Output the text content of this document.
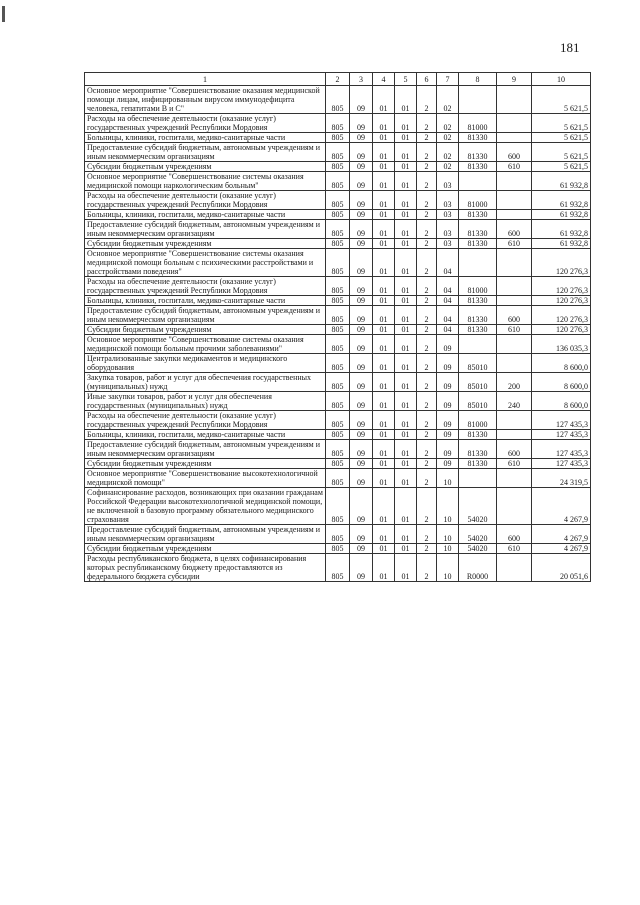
181
1	2	3	4	5	6	7	8	9	10
Основное мероприятие "Совершенствование оказания медицинской помощи лицам, инфицированным вирусом иммунодефицита человека, гепатитами В и С"	805	09	01	01	2	02			5 621,5
Расходы на обеспечение деятельности (оказание услуг) государственных учреждений Республики Мордовия	805	09	01	01	2	02	81000		5 621,5
Больницы, клиники, госпитали, медико-санитарные части	805	09	01	01	2	02	81330		5 621,5
Предоставление субсидий бюджетным, автономным учреждениям и иным некоммерческим организациям	805	09	01	01	2	02	81330	600	5 621,5
Субсидии бюджетным учреждениям	805	09	01	01	2	02	81330	610	5 621,5
Основное мероприятие "Совершенствование системы оказания медицинской помощи наркологическим больным"	805	09	01	01	2	03			61 932,8
Расходы на обеспечение деятельности (оказание услуг) государственных учреждений Республики Мордовия	805	09	01	01	2	03	81000		61 932,8
Больницы, клиники, госпитали, медико-санитарные части	805	09	01	01	2	03	81330		61 932,8
Предоставление субсидий бюджетным, автономным учреждениям и иным некоммерческим организациям	805	09	01	01	2	03	81330	600	61 932,8
Субсидии бюджетным учреждениям	805	09	01	01	2	03	81330	610	61 932,8
Основное мероприятие "Совершенствование системы оказания медицинской помощи больным с психическими расстройствами и расстройствами поведения"	805	09	01	01	2	04			120 276,3
Расходы на обеспечение деятельности (оказание услуг) государственных учреждений Республики Мордовия	805	09	01	01	2	04	81000		120 276,3
Больницы, клиники, госпитали, медико-санитарные части	805	09	01	01	2	04	81330		120 276,3
Предоставление субсидий бюджетным, автономным учреждениям и иным некоммерческим организациям	805	09	01	01	2	04	81330	600	120 276,3
Субсидии бюджетным учреждениям	805	09	01	01	2	04	81330	610	120 276,3
Основное мероприятие "Совершенствование системы оказания медицинской помощи больным прочими заболеваниями"	805	09	01	01	2	09			136 035,3
Централизованные закупки медикаментов и медицинского оборудования	805	09	01	01	2	09	85010		8 600,0
Закупка товаров, работ и услуг для обеспечения государственных (муниципальных) нужд	805	09	01	01	2	09	85010	200	8 600,0
Иные закупки товаров, работ и услуг для обеспечения государственных (муниципальных) нужд	805	09	01	01	2	09	85010	240	8 600,0
Расходы на обеспечение деятельности (оказание услуг) государственных учреждений Республики Мордовия	805	09	01	01	2	09	81000		127 435,3
Больницы, клиники, госпитали, медико-санитарные части	805	09	01	01	2	09	81330		127 435,3
Предоставление субсидий бюджетным, автономным учреждениям и иным некоммерческим организациям	805	09	01	01	2	09	81330	600	127 435,3
Субсидии бюджетным учреждениям	805	09	01	01	2	09	81330	610	127 435,3
Основное мероприятие "Совершенствование высокотехнологичной медицинской помощи"	805	09	01	01	2	10			24 319,5
Софинансирование расходов, возникающих при оказании гражданам Российской Федерации высокотехнологичной медицинской помощи, не включенной в базовую программу обязательного медицинского страхования	805	09	01	01	2	10	54020		4 267,9
Предоставление субсидий бюджетным, автономным учреждениям и иным некоммерческим организациям	805	09	01	01	2	10	54020	600	4 267,9
Субсидии бюджетным учреждениям	805	09	01	01	2	10	54020	610	4 267,9
Расходы республиканского бюджета, в целях софинансирования которых республиканскому бюджету предоставляются из федерального бюджета субсидии	805	09	01	01	2	10	R0000		20 051,6
